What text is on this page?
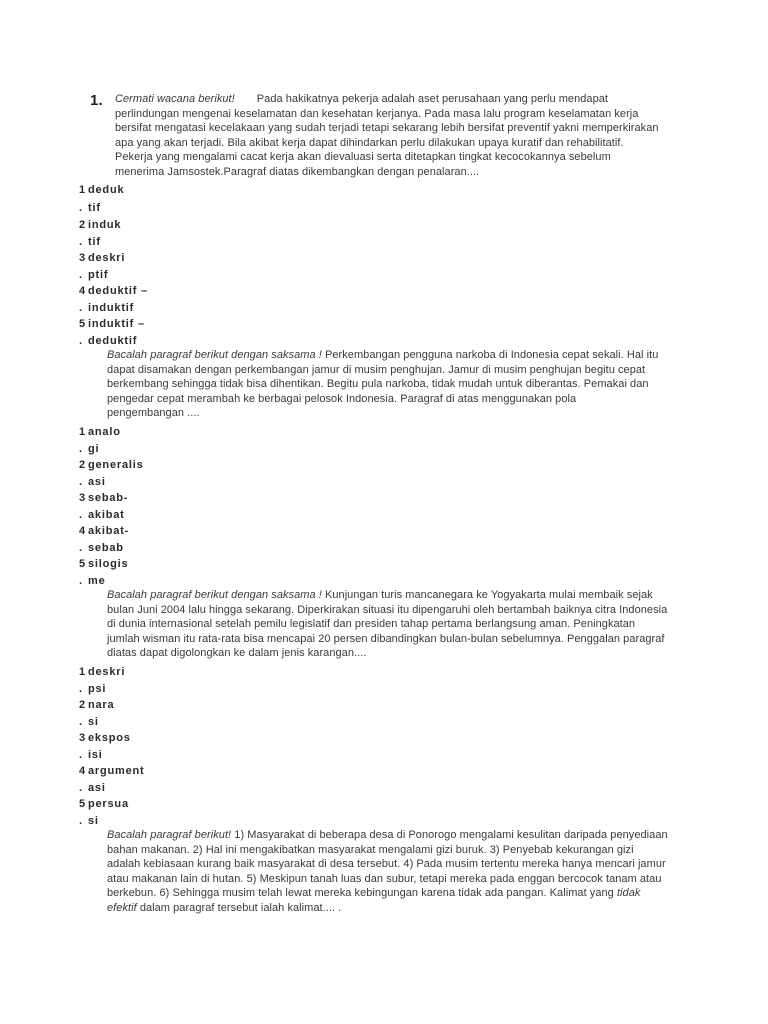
1. Cermati wacana berikut! Pada hakikatnya pekerja adalah aset perusahaan yang perlu mendapat
perlindungan mengenai keselamatan dan kesehatan kerjanya. Pada masa lalu program keselamatan kerja
bersifat mengatasi kecelakaan yang sudah terjadi tetapi sekarang lebih bersifat preventif yakni memperkirakan
apa yang akan terjadi. Bila akibat kerja dapat dihindarkan perlu dilakukan upaya kuratif dan rehabilitatif.
Pekerja yang mengalami cacat kerja akan dievaluasi serta ditetapkan tingkat kecocokannya sebelum
menerima Jamsostek.Paragraf diatas dikembangkan dengan penalaran....
1 deduk
. tif
2 induk
. tif
3 deskri
. ptif
4 deduktif –
. induktif
5 induktif –
. deduktif
Bacalah paragraf berikut dengan saksama ! Perkembangan pengguna narkoba di Indonesia cepat sekali. Hal itu
dapat disamakan dengan perkembangan jamur di musim penghujan. Jamur di musim penghujan begitu cepat
berkembang sehingga tidak bisa dihentikan. Begitu pula narkoba, tidak mudah untuk diberantas. Pemakai dan
pengedar cepat merambah ke berbagai pelosok Indonesia. Paragraf di atas menggunakan pola
pengembangan ....
1 analo
. gi
2 generalis
. asi
3 sebab-
. akibat
4 akibat-
. sebab
5 silogis
. me
Bacalah paragraf berikut dengan saksama ! Kunjungan turis mancanegara ke Yogyakarta mulai membaik sejak
bulan Juni 2004 lalu hingga sekarang. Diperkirakan situasi itu dipengaruhi oleh bertambah baiknya citra Indonesia
di dunia internasional setelah pemilu legislatif dan presiden tahap pertama berlangsung aman. Peningkatan
jumlah wisman itu rata-rata bisa mencapai 20 persen dibandingkan bulan-bulan sebelumnya. Penggalan paragraf
diatas dapat digolongkan ke dalam jenis karangan....
1 deskri
. psi
2 nara
. si
3 ekspos
. isi
4 argument
. asi
5 persua
. si
Bacalah paragraf berikut! 1) Masyarakat di beberapa desa di Ponorogo mengalami kesulitan daripada penyediaan
bahan makanan. 2) Hal ini mengakibatkan masyarakat mengalami gizi buruk. 3) Penyebab kekurangan gizi
adalah kebiasaan kurang baik masyarakat di desa tersebut. 4) Pada musim tertentu mereka hanya mencari jamur
atau makanan lain di hutan. 5) Meskipun tanah luas dan subur, tetapi mereka pada enggan bercocok tanam atau
berkebun. 6) Sehingga musim telah lewat mereka kebingungan karena tidak ada pangan. Kalimat yang tidak
efektif dalam paragraf tersebut ialah kalimat.... .
